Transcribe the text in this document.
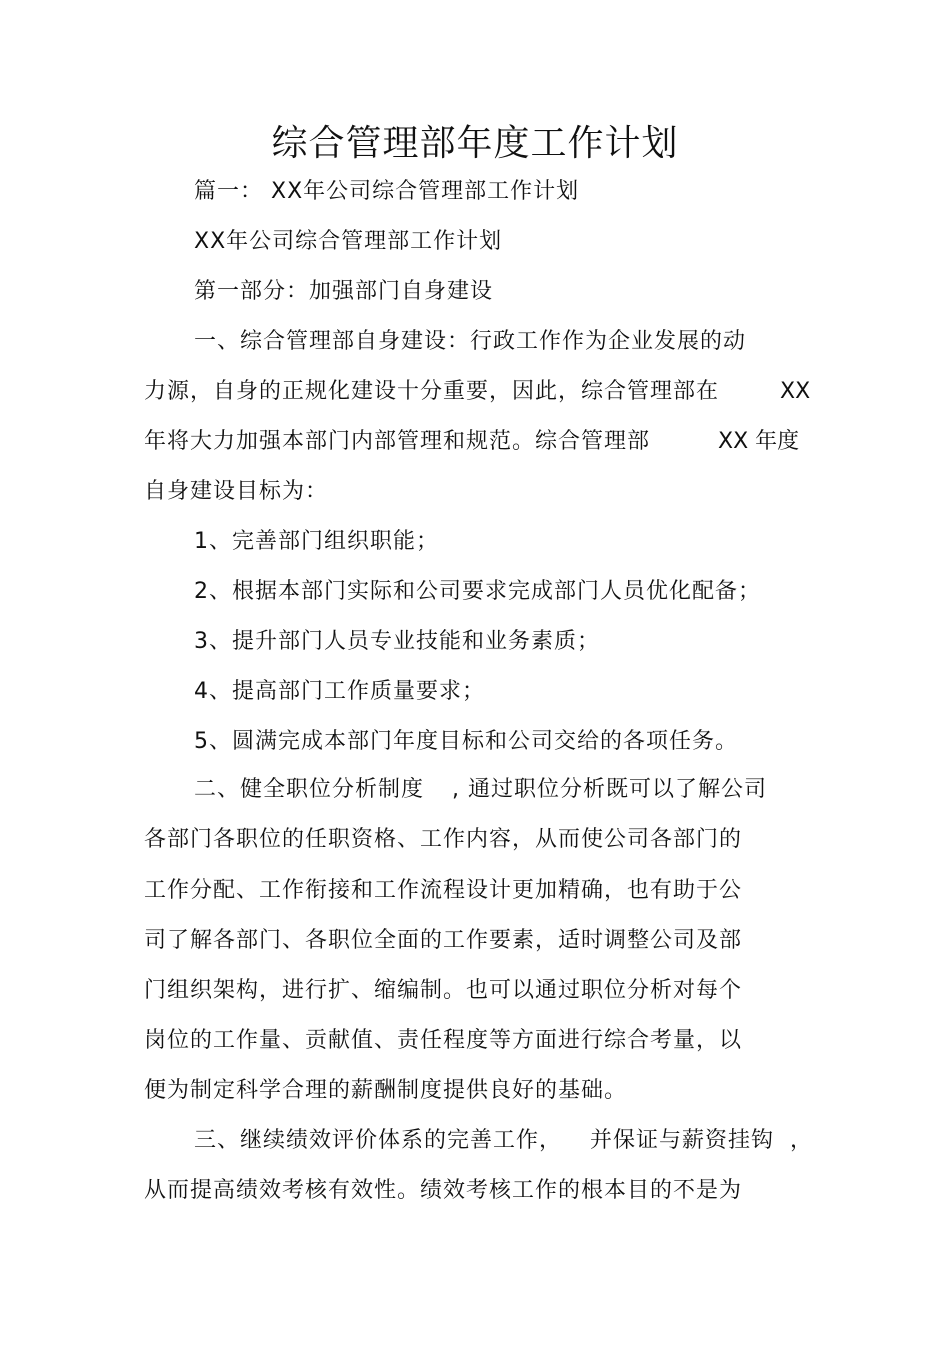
综合管理部年度工作计划
篇一： XX年公司综合管理部工作计划
XX年公司综合管理部工作计划
第一部分：加强部门自身建设
一、综合管理部自身建设：行政工作作为企业发展的动
力源，自身的正规化建设十分重要，因此，综合管理部在	XX
年将大力加强本部门内部管理和规范。综合管理部	XX 年度
自身建设目标为：
1、完善部门组织职能；
2、根据本部门实际和公司要求完成部门人员优化配备；
3、提升部门人员专业技能和业务素质；
4、提高部门工作质量要求；
5、圆满完成本部门年度目标和公司交给的各项任务。
二、健全职位分析制度 , 通过职位分析既可以了解公司
各部门各职位的任职资格、工作内容，从而使公司各部门的
工作分配、工作衔接和工作流程设计更加精确，也有助于公
司了解各部门、各职位全面的工作要素，适时调整公司及部
门组织架构，进行扩、缩编制。也可以通过职位分析对每个
岗位的工作量、贡献值、责任程度等方面进行综合考量，以
便为制定科学合理的薪酬制度提供良好的基础。
三、继续绩效评价体系的完善工作， 并保证与薪资挂钩 ，
从而提高绩效考核有效性。绩效考核工作的根本目的不是为
